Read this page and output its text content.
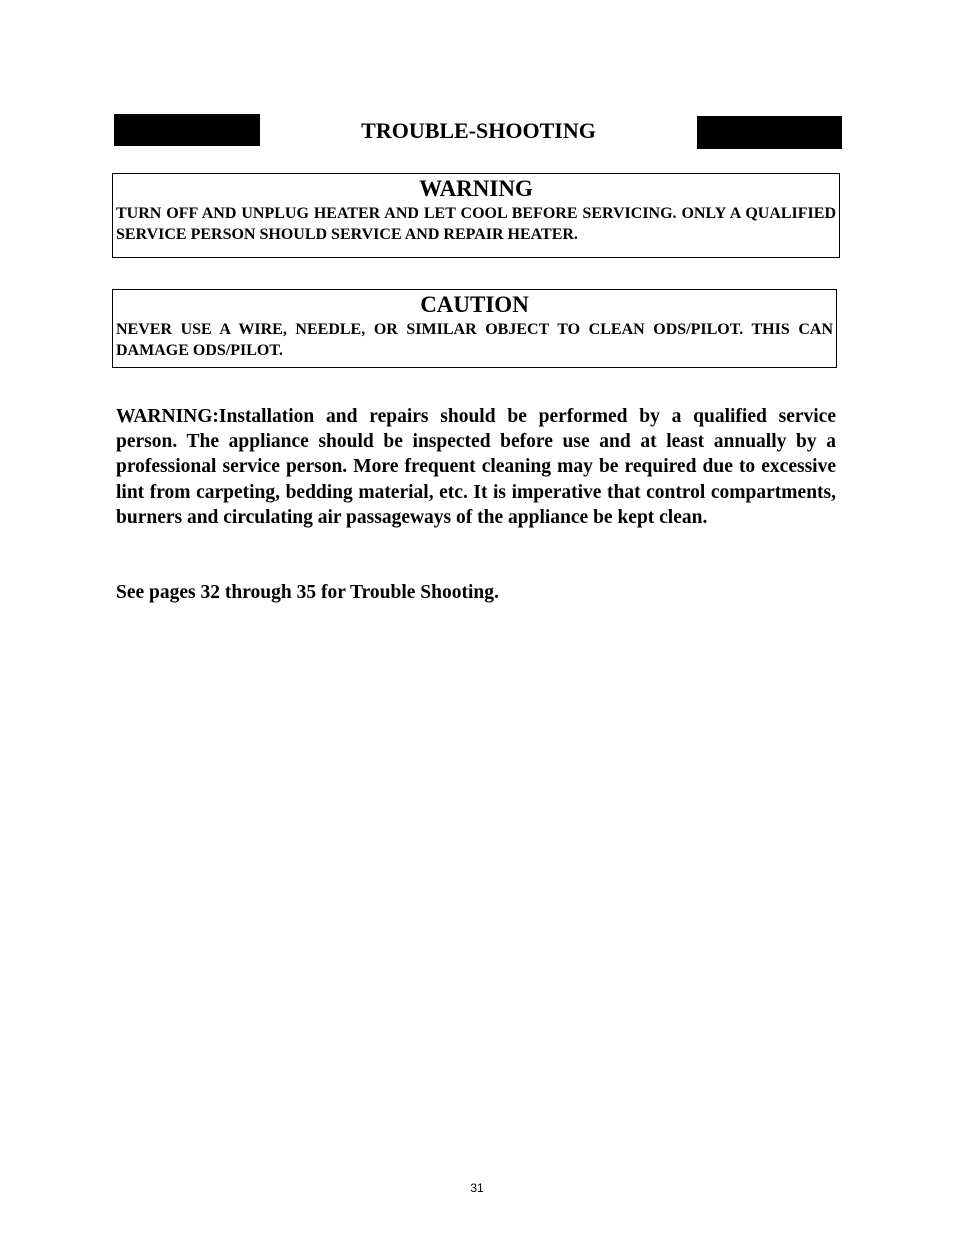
TROUBLE-SHOOTING
WARNING
TURN OFF AND UNPLUG HEATER AND LET COOL BEFORE SERVICING. ONLY A QUALIFIED SERVICE PERSON SHOULD SERVICE AND REPAIR HEATER.
CAUTION
NEVER USE A WIRE, NEEDLE, OR SIMILAR OBJECT TO CLEAN ODS/PILOT. THIS CAN DAMAGE ODS/PILOT.

WARNING:Installation and repairs should be performed by a qualified service person. The appliance should be inspected before use and at least annually by a professional service person. More frequent cleaning may be required due to excessive lint from carpeting, bedding material, etc. It is imperative that control compartments, burners and circulating air passageways of the appliance be kept clean.

See pages 32 through 35 for Trouble Shooting.

31
